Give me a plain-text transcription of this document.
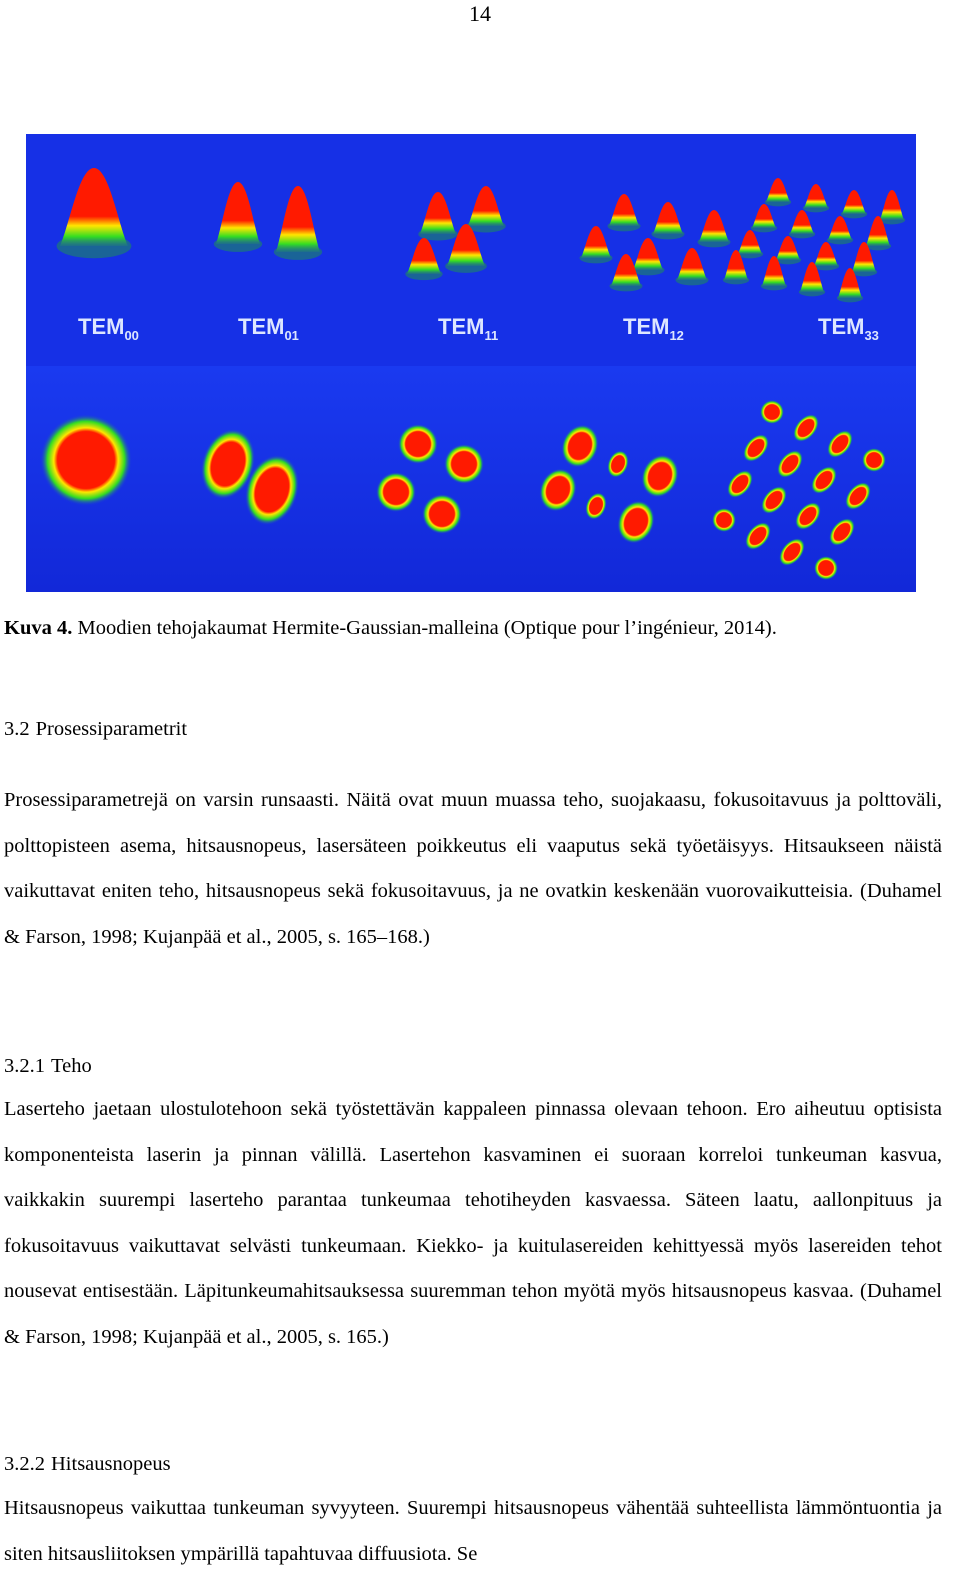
14
$TEM_{00}$	$TEM_{01}$	$TEM_{11}$	$TEM_{12}$	$TEM_{33}$
Kuva 4. Moodien tehojakaumat Hermite-Gaussian-malleina (Optique pour l’ingénieur, 2014).
3.2 Prosessiparametrit
Prosessiparametrejä on varsin runsaasti. Näitä ovat muun muassa teho, suojakaasu, fokusoitavuus ja polttoväli, polttopisteen asema, hitsausnopeus, lasersäteen poikkeutus eli vaaputus sekä työetäisyys. Hitsaukseen näistä vaikuttavat eniten teho, hitsausnopeus sekä fokusoitavuus, ja ne ovatkin keskenään vuorovaikutteisia. (Duhamel & Farson, 1998; Kujanpää et al., 2005, s. 165–168.)
3.2.1 Teho
Laserteho jaetaan ulostulotehoon sekä työstettävän kappaleen pinnassa olevaan tehoon. Ero aiheutuu optisista komponenteista laserin ja pinnan välillä. Lasertehon kasvaminen ei suoraan korreloi tunkeuman kasvua, vaikkakin suurempi laserteho parantaa tunkeumaa tehotiheyden kasvaessa. Säteen laatu, aallonpituus ja fokusoitavuus vaikuttavat selvästi tunkeumaan. Kiekko- ja kuitulasereiden kehittyessä myös lasereiden tehot nousevat entisestään. Läpitunkeumahitsauksessa suuremman tehon myötä myös hitsausnopeus kasvaa. (Duhamel & Farson, 1998; Kujanpää et al., 2005, s. 165.)
3.2.2 Hitsausnopeus
Hitsausnopeus vaikuttaa tunkeuman syvyyteen. Suurempi hitsausnopeus vähentää suhteellista lämmöntuontia ja siten hitsausliitoksen ympärillä tapahtuvaa diffuusiota. Se
